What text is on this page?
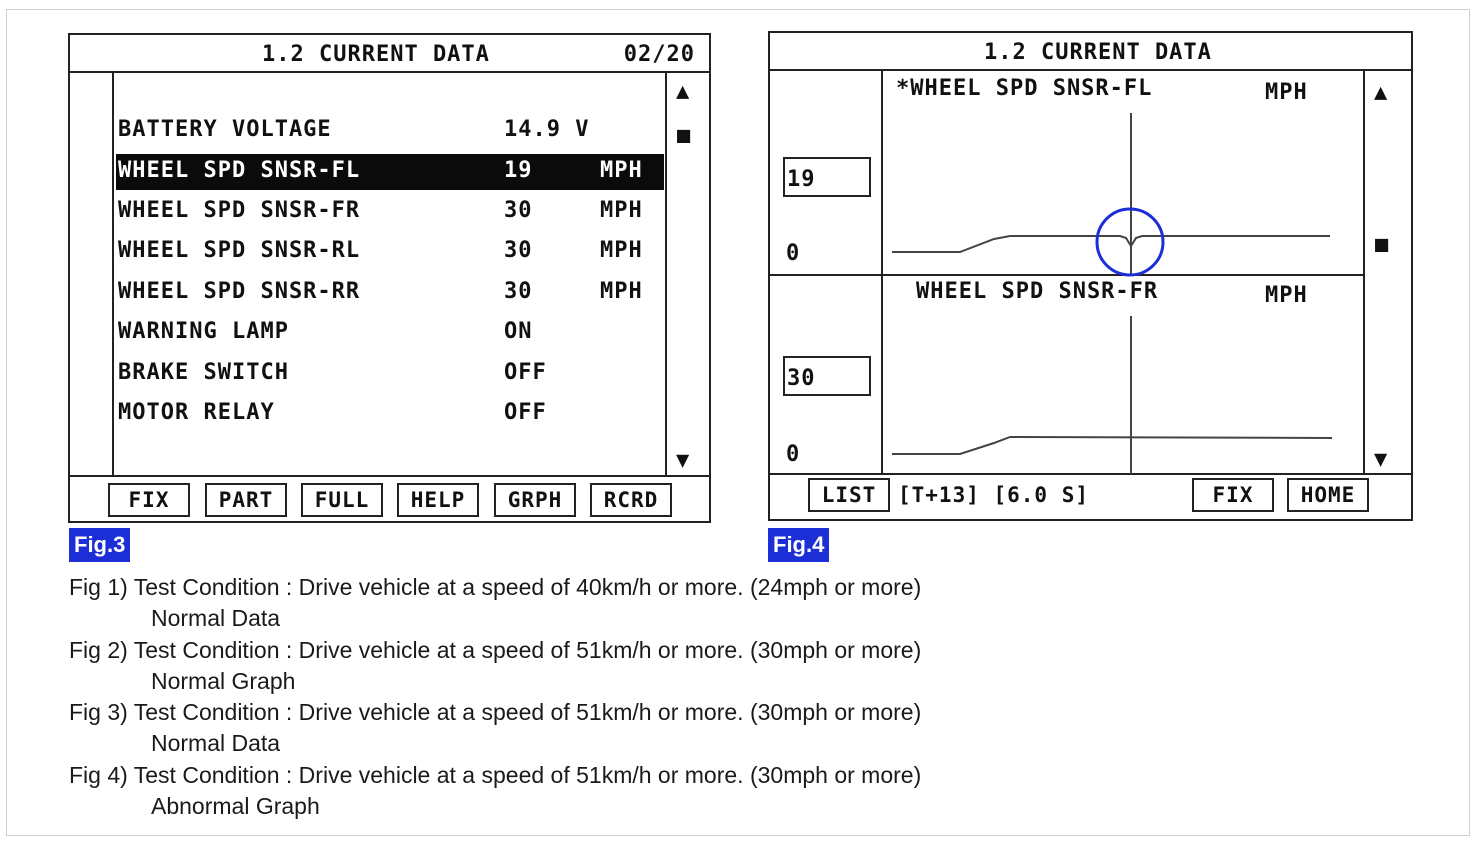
1.2 CURRENT DATA	02/20
BATTERY VOLTAGE	14.9 V
WHEEL SPD SNSR-FL	19	MPH
WHEEL SPD SNSR-FR	30	MPH
WHEEL SPD SNSR-RL	30	MPH
WHEEL SPD SNSR-RR	30	MPH
WARNING LAMP	ON
BRAKE SWITCH	OFF
MOTOR RELAY	OFF
▲
■
▼
FIX	PART	FULL	HELP	GRPH	RCRD
Fig.3
1.2 CURRENT DATA
*WHEEL SPD SNSR-FL	MPH
19
0
WHEEL SPD SNSR-FR	MPH
30
0
▲
■
▼
LIST	[T+13] [6.0 S]	FIX	HOME
Fig.4
Fig 1) Test Condition : Drive vehicle at a speed of 40km/h or more. (24mph or more)
Normal Data
Fig 2) Test Condition : Drive vehicle at a speed of 51km/h or more. (30mph or more)
Normal Graph
Fig 3) Test Condition : Drive vehicle at a speed of 51km/h or more. (30mph or more)
Normal Data
Fig 4) Test Condition : Drive vehicle at a speed of 51km/h or more. (30mph or more)
Abnormal Graph
